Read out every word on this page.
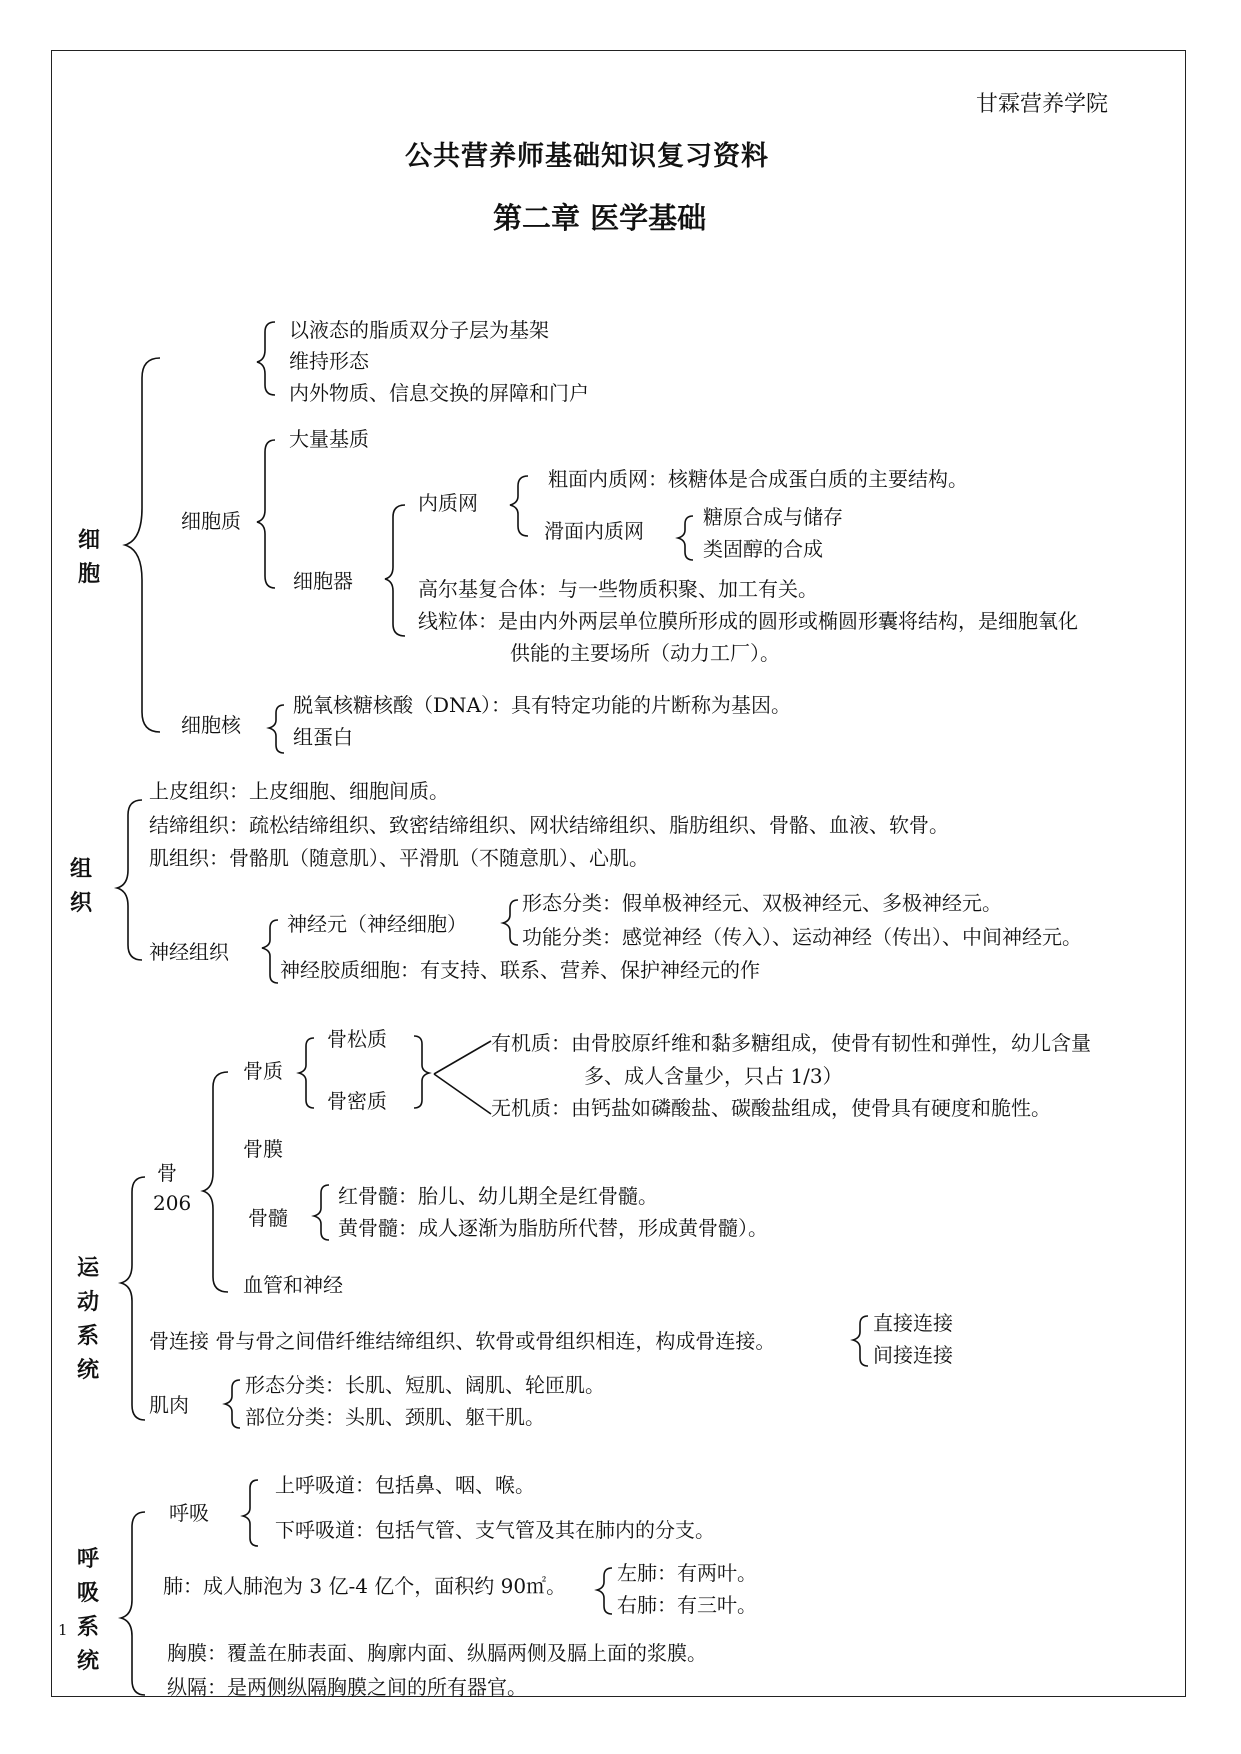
甘霖营养学院
公共营养师基础知识复习资料
第二章 医学基础
细胞
以液态的脂质双分子层为基架
维持形态
内外物质、信息交换的屏障和门户
细胞质
大量基质
细胞器
内质网
粗面内质网：核糖体是合成蛋白质的主要结构。
滑面内质网
糖原合成与储存
类固醇的合成
高尔基复合体：与一些物质积聚、加工有关。
线粒体：是由内外两层单位膜所形成的圆形或椭圆形囊将结构，是细胞氧化
供能的主要场所（动力工厂）。
细胞核
脱氧核糖核酸（DNA）：具有特定功能的片断称为基因。
组蛋白
组织
上皮组织：上皮细胞、细胞间质。
结缔组织：疏松结缔组织、致密结缔组织、网状结缔组织、脂肪组织、骨骼、血液、软骨。
肌组织：骨骼肌（随意肌）、平滑肌（不随意肌）、心肌。
神经组织
神经元（神经细胞）
形态分类：假单极神经元、双极神经元、多极神经元。
功能分类：感觉神经（传入）、运动神经（传出）、中间神经元。
神经胶质细胞：有支持、联系、营养、保护神经元的作
运动系统
骨
206
骨质
骨松质
骨密质
有机质：由骨胶原纤维和黏多糖组成，使骨有韧性和弹性，幼儿含量
多、成人含量少，只占 1/3）
无机质：由钙盐如磷酸盐、碳酸盐组成，使骨具有硬度和脆性。
骨膜
骨髓
红骨髓：胎儿、幼儿期全是红骨髓。
黄骨髓：成人逐渐为脂肪所代替，形成黄骨髓）。
血管和神经
骨连接 骨与骨之间借纤维结缔组织、软骨或骨组织相连，构成骨连接。
直接连接
间接连接
肌肉
形态分类：长肌、短肌、阔肌、轮匝肌。
部位分类：头肌、颈肌、躯干肌。
呼吸系统
呼吸
上呼吸道：包括鼻、咽、喉。
下呼吸道：包括气管、支气管及其在肺内的分支。
肺：成人肺泡为 3 亿-4 亿个，面积约 90㎡。
左肺：有两叶。
右肺：有三叶。
胸膜：覆盖在肺表面、胸廓内面、纵膈两侧及膈上面的浆膜。
纵隔：是两侧纵隔胸膜之间的所有器官。
1
